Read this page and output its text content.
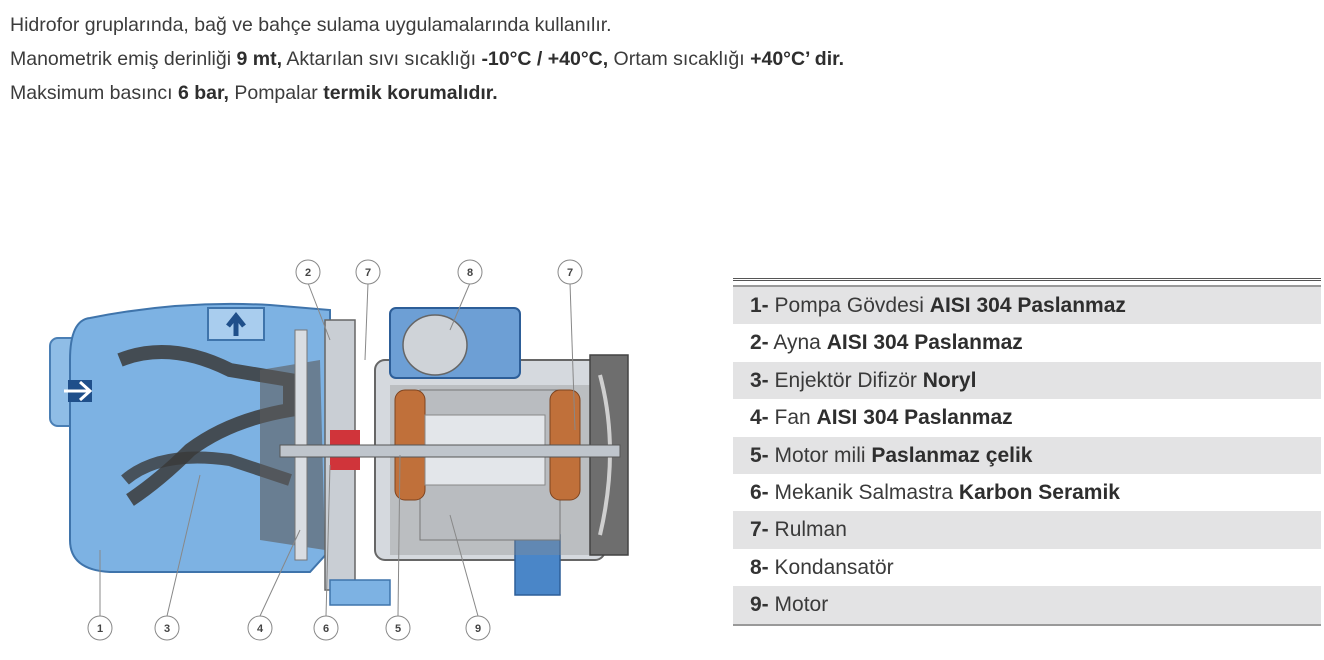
Hidrofor gruplarında, bağ ve bahçe sulama uygulamalarında kullanılır.

Manometrik emiş derinliği 9 mt, Aktarılan sıvı sıcaklığı -10°C / +40°C, Ortam sıcaklığı +40°C’ dir.

Maksimum basıncı 6 bar, Pompalar termik korumalıdır.

2	7	8	7
1	3	4	6	5	9
1- Pompa Gövdesi AISI 304 Paslanmaz
2- Ayna AISI 304 Paslanmaz
3- Enjektör Difizör Noryl
4- Fan AISI 304 Paslanmaz
5- Motor mili Paslanmaz çelik
6- Mekanik Salmastra Karbon Seramik
7- Rulman
8- Kondansatör
9- Motor
